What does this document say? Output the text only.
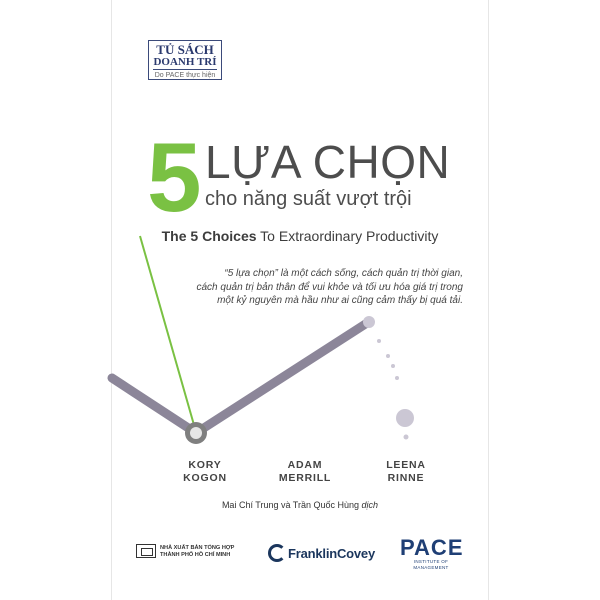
TỦ SÁCH
DOANH TRÍ
Do PACE thực hiện
5 LỰA CHỌN
cho năng suất vượt trội
The 5 Choices To Extraordinary Productivity
“5 lựa chọn” là một cách sống, cách quản trị thời gian,
cách quản trị bản thân để vui khỏe và tối ưu hóa giá trị trong
một kỷ nguyên mà hầu như ai cũng cảm thấy bị quá tải.
KORY
KOGON
ADAM
MERRILL
LEENA
RINNE
Mai Chí Trung và Trần Quốc Hùng dịch
NHÀ XUẤT BẢN TỔNG HỢP
THÀNH PHỐ HỒ CHÍ MINH	FranklinCovey PACE
INSTITUTE OF MANAGEMENT
